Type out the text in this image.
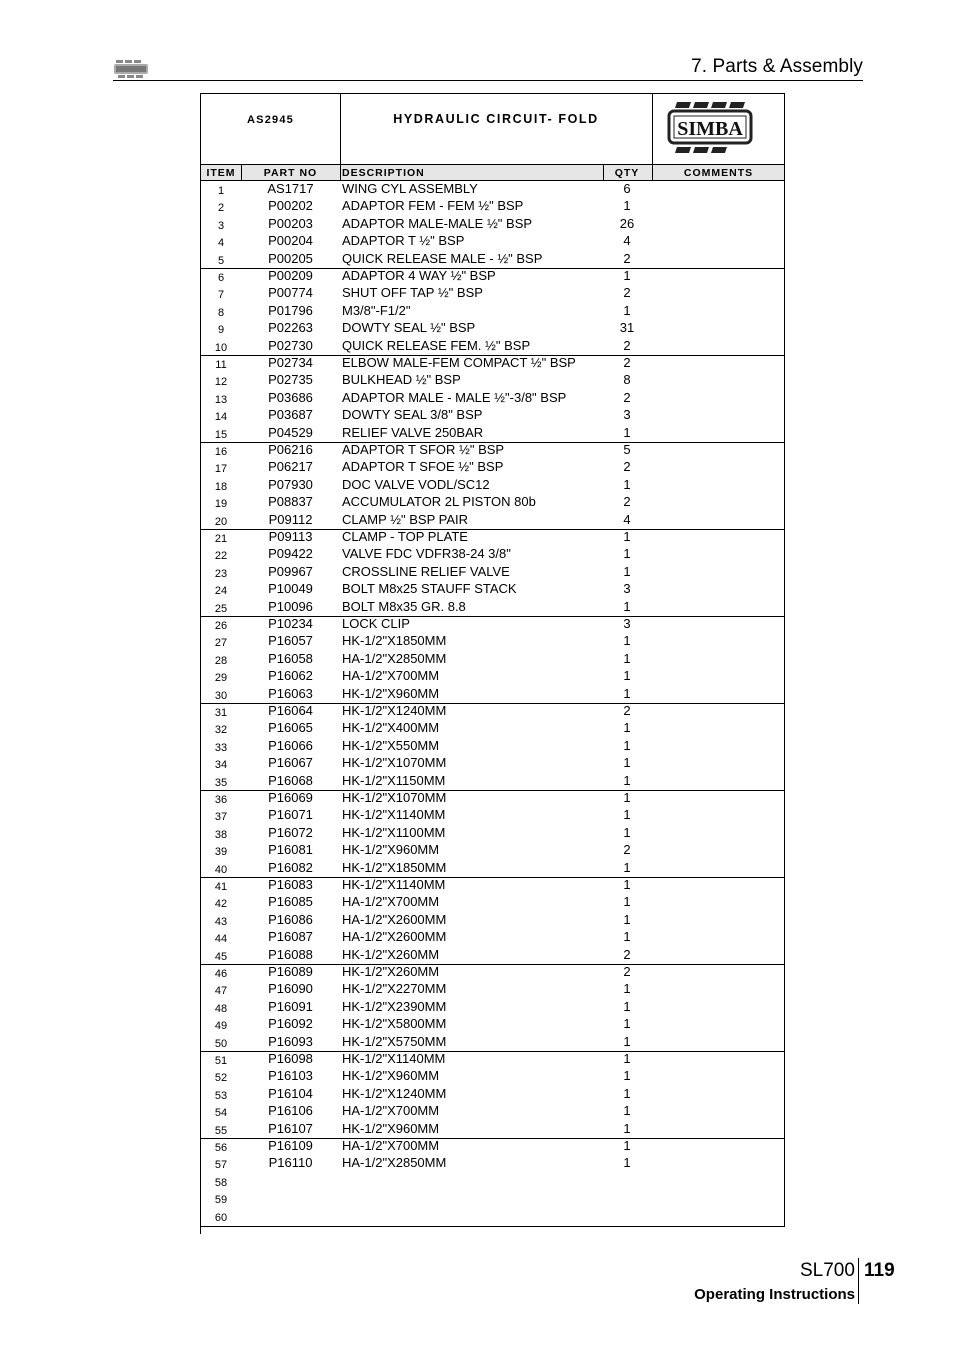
7. Parts & Assembly
AS2945	HYDRAULIC CIRCUIT- FOLD	SIMBA
ITEM	PART NO	DESCRIPTION	QTY	COMMENTS
1	AS1717	WING CYL ASSEMBLY	6
2	P00202	ADAPTOR FEM - FEM ½" BSP	1
3	P00203	ADAPTOR MALE-MALE ½" BSP	26
4	P00204	ADAPTOR T ½" BSP	4
5	P00205	QUICK RELEASE MALE - ½" BSP	2
6	P00209	ADAPTOR 4 WAY ½" BSP	1
7	P00774	SHUT OFF TAP ½" BSP	2
8	P01796	M3/8"-F1/2"	1
9	P02263	DOWTY SEAL ½" BSP	31
10	P02730	QUICK RELEASE FEM. ½" BSP	2
11	P02734	ELBOW MALE-FEM COMPACT ½" BSP	2
12	P02735	BULKHEAD ½" BSP	8
13	P03686	ADAPTOR MALE - MALE ½"-3/8" BSP	2
14	P03687	DOWTY SEAL 3/8" BSP	3
15	P04529	RELIEF VALVE 250BAR	1
16	P06216	ADAPTOR T SFOR ½" BSP	5
17	P06217	ADAPTOR T SFOE ½" BSP	2
18	P07930	DOC VALVE VODL/SC12	1
19	P08837	ACCUMULATOR 2L PISTON 80b	2
20	P09112	CLAMP ½" BSP PAIR	4
21	P09113	CLAMP - TOP PLATE	1
22	P09422	VALVE FDC VDFR38-24 3/8"	1
23	P09967	CROSSLINE RELIEF VALVE	1
24	P10049	BOLT M8x25 STAUFF STACK	3
25	P10096	BOLT M8x35 GR. 8.8	1
26	P10234	LOCK CLIP	3
27	P16057	HK-1/2"X1850MM	1
28	P16058	HA-1/2"X2850MM	1
29	P16062	HA-1/2"X700MM	1
30	P16063	HK-1/2"X960MM	1
31	P16064	HK-1/2"X1240MM	2
32	P16065	HK-1/2"X400MM	1
33	P16066	HK-1/2"X550MM	1
34	P16067	HK-1/2"X1070MM	1
35	P16068	HK-1/2"X1150MM	1
36	P16069	HK-1/2"X1070MM	1
37	P16071	HK-1/2"X1140MM	1
38	P16072	HK-1/2"X1100MM	1
39	P16081	HK-1/2"X960MM	2
40	P16082	HK-1/2"X1850MM	1
41	P16083	HK-1/2"X1140MM	1
42	P16085	HA-1/2"X700MM	1
43	P16086	HA-1/2"X2600MM	1
44	P16087	HA-1/2"X2600MM	1
45	P16088	HK-1/2"X260MM	2
46	P16089	HK-1/2"X260MM	2
47	P16090	HK-1/2"X2270MM	1
48	P16091	HK-1/2"X2390MM	1
49	P16092	HK-1/2"X5800MM	1
50	P16093	HK-1/2"X5750MM	1
51	P16098	HK-1/2"X1140MM	1
52	P16103	HK-1/2"X960MM	1
53	P16104	HK-1/2"X1240MM	1
54	P16106	HA-1/2"X700MM	1
55	P16107	HK-1/2"X960MM	1
56	P16109	HA-1/2"X700MM	1
57	P16110	HA-1/2"X2850MM	1
58
59
60
SL700 119
Operating Instructions
